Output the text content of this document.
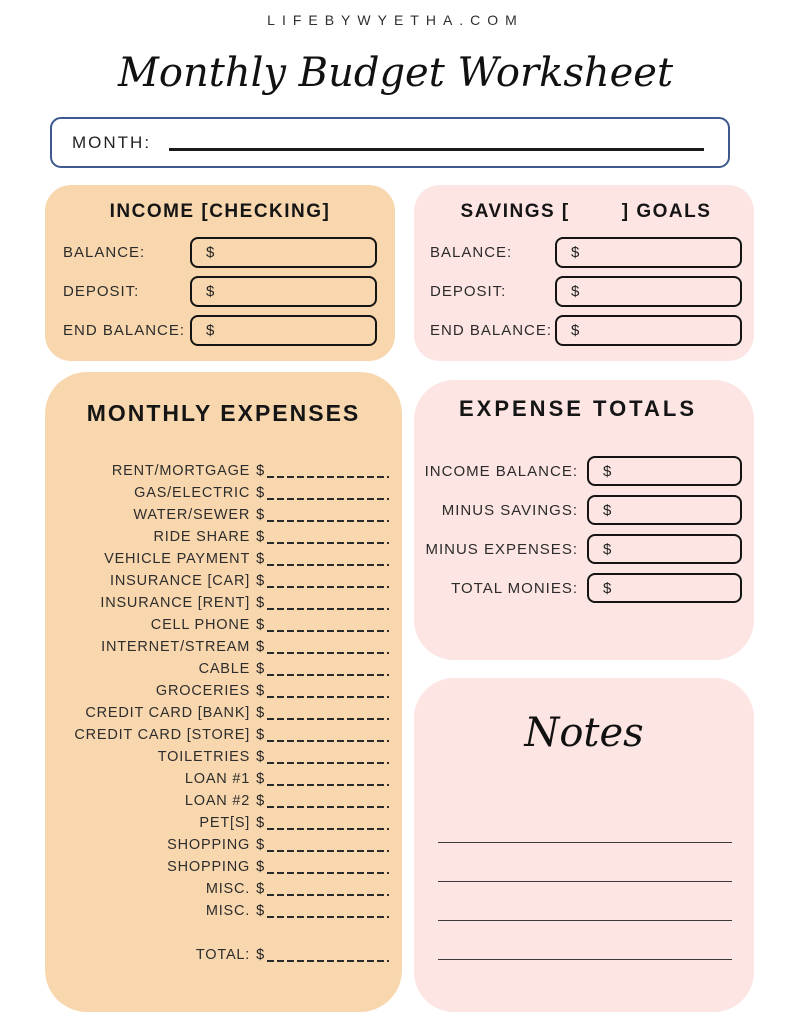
LIFEBYWYETHA.COM
Monthly Budget Worksheet
MONTH:
INCOME [CHECKING]
BALANCE:	$
DEPOSIT:	$
END BALANCE:	$
SAVINGS [	] GOALS
BALANCE:	$
DEPOSIT:	$
END BALANCE: $
MONTHLY EXPENSES
RENT/MORTGAGE $
GAS/ELECTRIC $
WATER/SEWER $
RIDE SHARE $
VEHICLE PAYMENT $
INSURANCE [CAR] $
INSURANCE [RENT] $
CELL PHONE $
INTERNET/STREAM $
CABLE $
GROCERIES $
CREDIT CARD [BANK] $
CREDIT CARD [STORE] $
TOILETRIES $
LOAN #1 $
LOAN #2 $
PET[S] $
SHOPPING $
SHOPPING $
MISC. $
MISC. $
TOTAL: $
EXPENSE TOTALS
INCOME BALANCE: $
MINUS SAVINGS: $
MINUS EXPENSES: $
TOTAL MONIES: $
Notes
